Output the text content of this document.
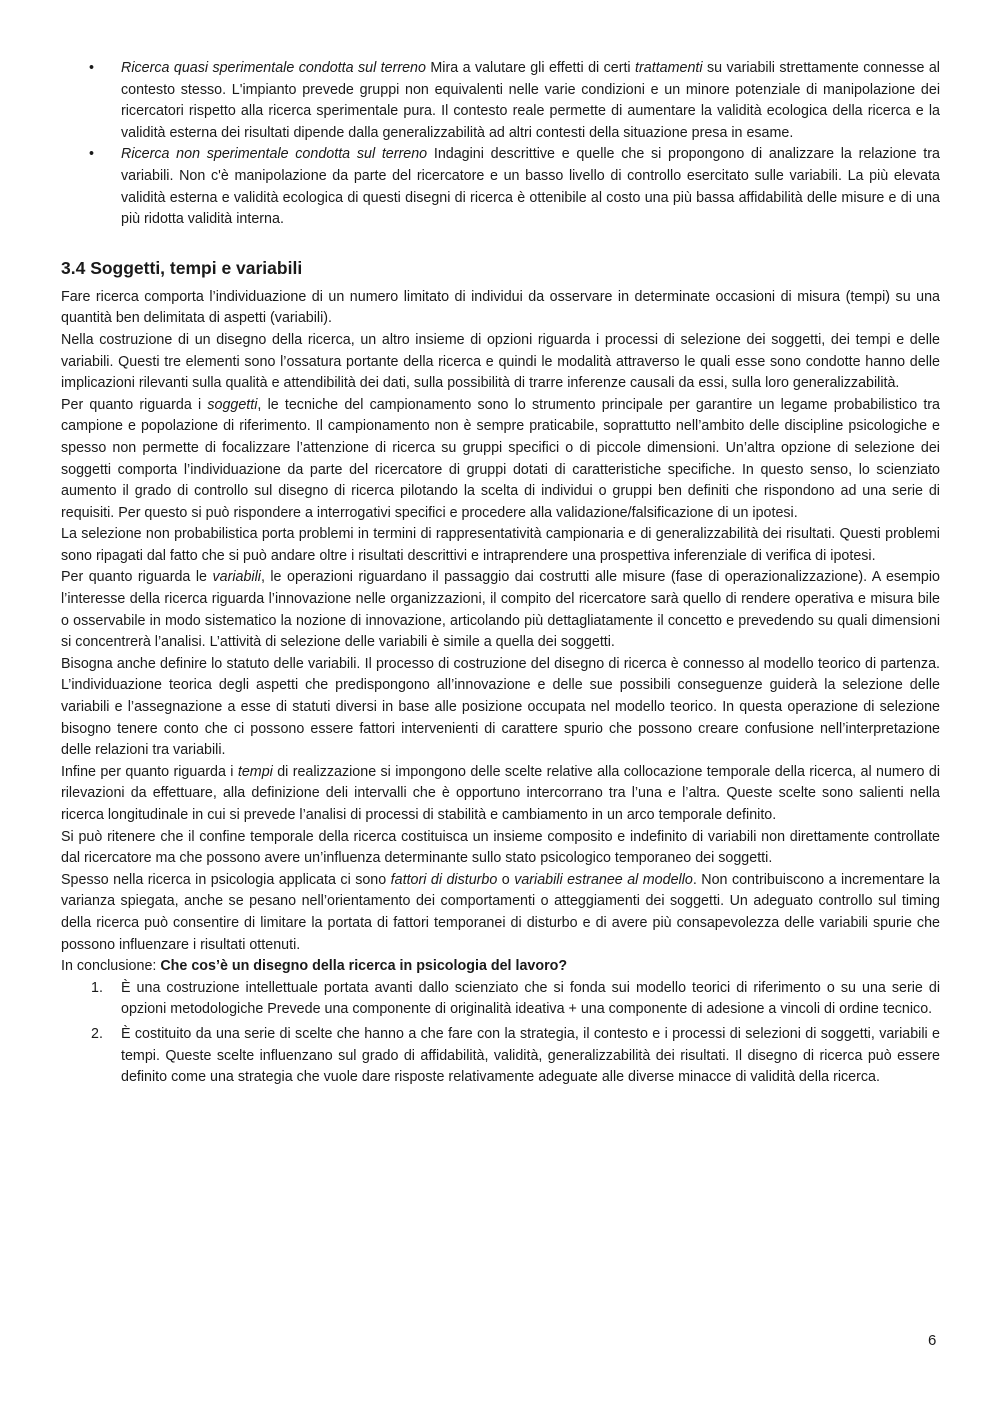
• Ricerca quasi sperimentale condotta sul terreno Mira a valutare gli effetti di certi trattamenti su variabili strettamente connesse al contesto stesso. L'impianto prevede gruppi non equivalenti nelle varie condizioni e un minore potenziale di manipolazione dei ricercatori rispetto alla ricerca sperimentale pura. Il contesto reale permette di aumentare la validità ecologica della ricerca e la validità esterna dei risultati dipende dalla generalizzabilità ad altri contesti della situazione presa in esame.
• Ricerca non sperimentale condotta sul terreno Indagini descrittive e quelle che si propongono di analizzare la relazione tra variabili. Non c'è manipolazione da parte del ricercatore e un basso livello di controllo esercitato sulle variabili. La più elevata validità esterna e validità ecologica di questi disegni di ricerca è ottenibile al costo una più bassa affidabilità delle misure e di una più ridotta validità interna.
3.4 Soggetti, tempi e variabili

Fare ricerca comporta l’individuazione di un numero limitato di individui da osservare in determinate occasioni di misura (tempi) su una quantità ben delimitata di aspetti (variabili).

Nella costruzione di un disegno della ricerca, un altro insieme di opzioni riguarda i processi di selezione dei soggetti, dei tempi e delle variabili. Questi tre elementi sono l’ossatura portante della ricerca e quindi le modalità attraverso le quali esse sono condotte hanno delle implicazioni rilevanti sulla qualità e attendibilità dei dati, sulla possibilità di trarre inferenze causali da essi, sulla loro generalizzabilità.

Per quanto riguarda i soggetti, le tecniche del campionamento sono lo strumento principale per garantire un legame probabilistico tra campione e popolazione di riferimento. Il campionamento non è sempre praticabile, soprattutto nell’ambito delle discipline psicologiche e spesso non permette di focalizzare l’attenzione di ricerca su gruppi specifici o di piccole dimensioni. Un’altra opzione di selezione dei soggetti comporta l’individuazione da parte del ricercatore di gruppi dotati di caratteristiche specifiche. In questo senso, lo scienziato aumento il grado di controllo sul disegno di ricerca pilotando la scelta di individui o gruppi ben definiti che rispondono ad una serie di requisiti. Per questo si può rispondere a interrogativi specifici e procedere alla validazione/falsificazione di un ipotesi.

La selezione non probabilistica porta problemi in termini di rappresentatività campionaria e di generalizzabilità dei risultati. Questi problemi sono ripagati dal fatto che si può andare oltre i risultati descrittivi e intraprendere una prospettiva inferenziale di verifica di ipotesi.

Per quanto riguarda le variabili, le operazioni riguardano il passaggio dai costrutti alle misure (fase di operazionalizzazione). A esempio l’interesse della ricerca riguarda l’innovazione nelle organizzazioni, il compito del ricercatore sarà quello di rendere operativa e misura bile o osservabile in modo sistematico la nozione di innovazione, articolando più dettagliatamente il concetto e prevedendo su quali dimensioni si concentrerà l’analisi. L’attività di selezione delle variabili è simile a quella dei soggetti.

Bisogna anche definire lo statuto delle variabili. Il processo di costruzione del disegno di ricerca è connesso al modello teorico di partenza. L’individuazione teorica degli aspetti che predispongono all’innovazione e delle sue possibili conseguenze guiderà la selezione delle variabili e l’assegnazione a esse di statuti diversi in base alle posizione occupata nel modello teorico. In questa operazione di selezione bisogno tenere conto che ci possono essere fattori intervenienti di carattere spurio che possono creare confusione nell’interpretazione delle relazioni tra variabili.

Infine per quanto riguarda i tempi di realizzazione si impongono delle scelte relative alla collocazione temporale della ricerca, al numero di rilevazioni da effettuare, alla definizione deli intervalli che è opportuno intercorrano tra l’una e l’altra. Queste scelte sono salienti nella ricerca longitudinale in cui si prevede l’analisi di processi di stabilità e cambiamento in un arco temporale definito.

Si può ritenere che il confine temporale della ricerca costituisca un insieme composito e indefinito di variabili non direttamente controllate dal ricercatore ma che possono avere un’influenza determinante sullo stato psicologico temporaneo dei soggetti.

Spesso nella ricerca in psicologia applicata ci sono fattori di disturbo o variabili estranee al modello. Non contribuiscono a incrementare la varianza spiegata, anche se pesano nell’orientamento dei comportamenti o atteggiamenti dei soggetti. Un adeguato controllo sul timing della ricerca può consentire di limitare la portata di fattori temporanei di disturbo e di avere più consapevolezza delle variabili spurie che possono influenzare i risultati ottenuti.

In conclusione: Che cos’è un disegno della ricerca in psicologia del lavoro?

1. È una costruzione intellettuale portata avanti dallo scienziato che si fonda sui modello teorici di riferimento o su una serie di opzioni metodologiche Prevede una componente di originalità ideativa + una componente di adesione a vincoli di ordine tecnico.
2. È costituito da una serie di scelte che hanno a che fare con la strategia, il contesto e i processi di selezioni di soggetti, variabili e tempi. Queste scelte influenzano sul grado di affidabilità, validità, generalizzabilità dei risultati. Il disegno di ricerca può essere definito come una strategia che vuole dare risposte relativamente adeguate alle diverse minacce di validità della ricerca.
6
